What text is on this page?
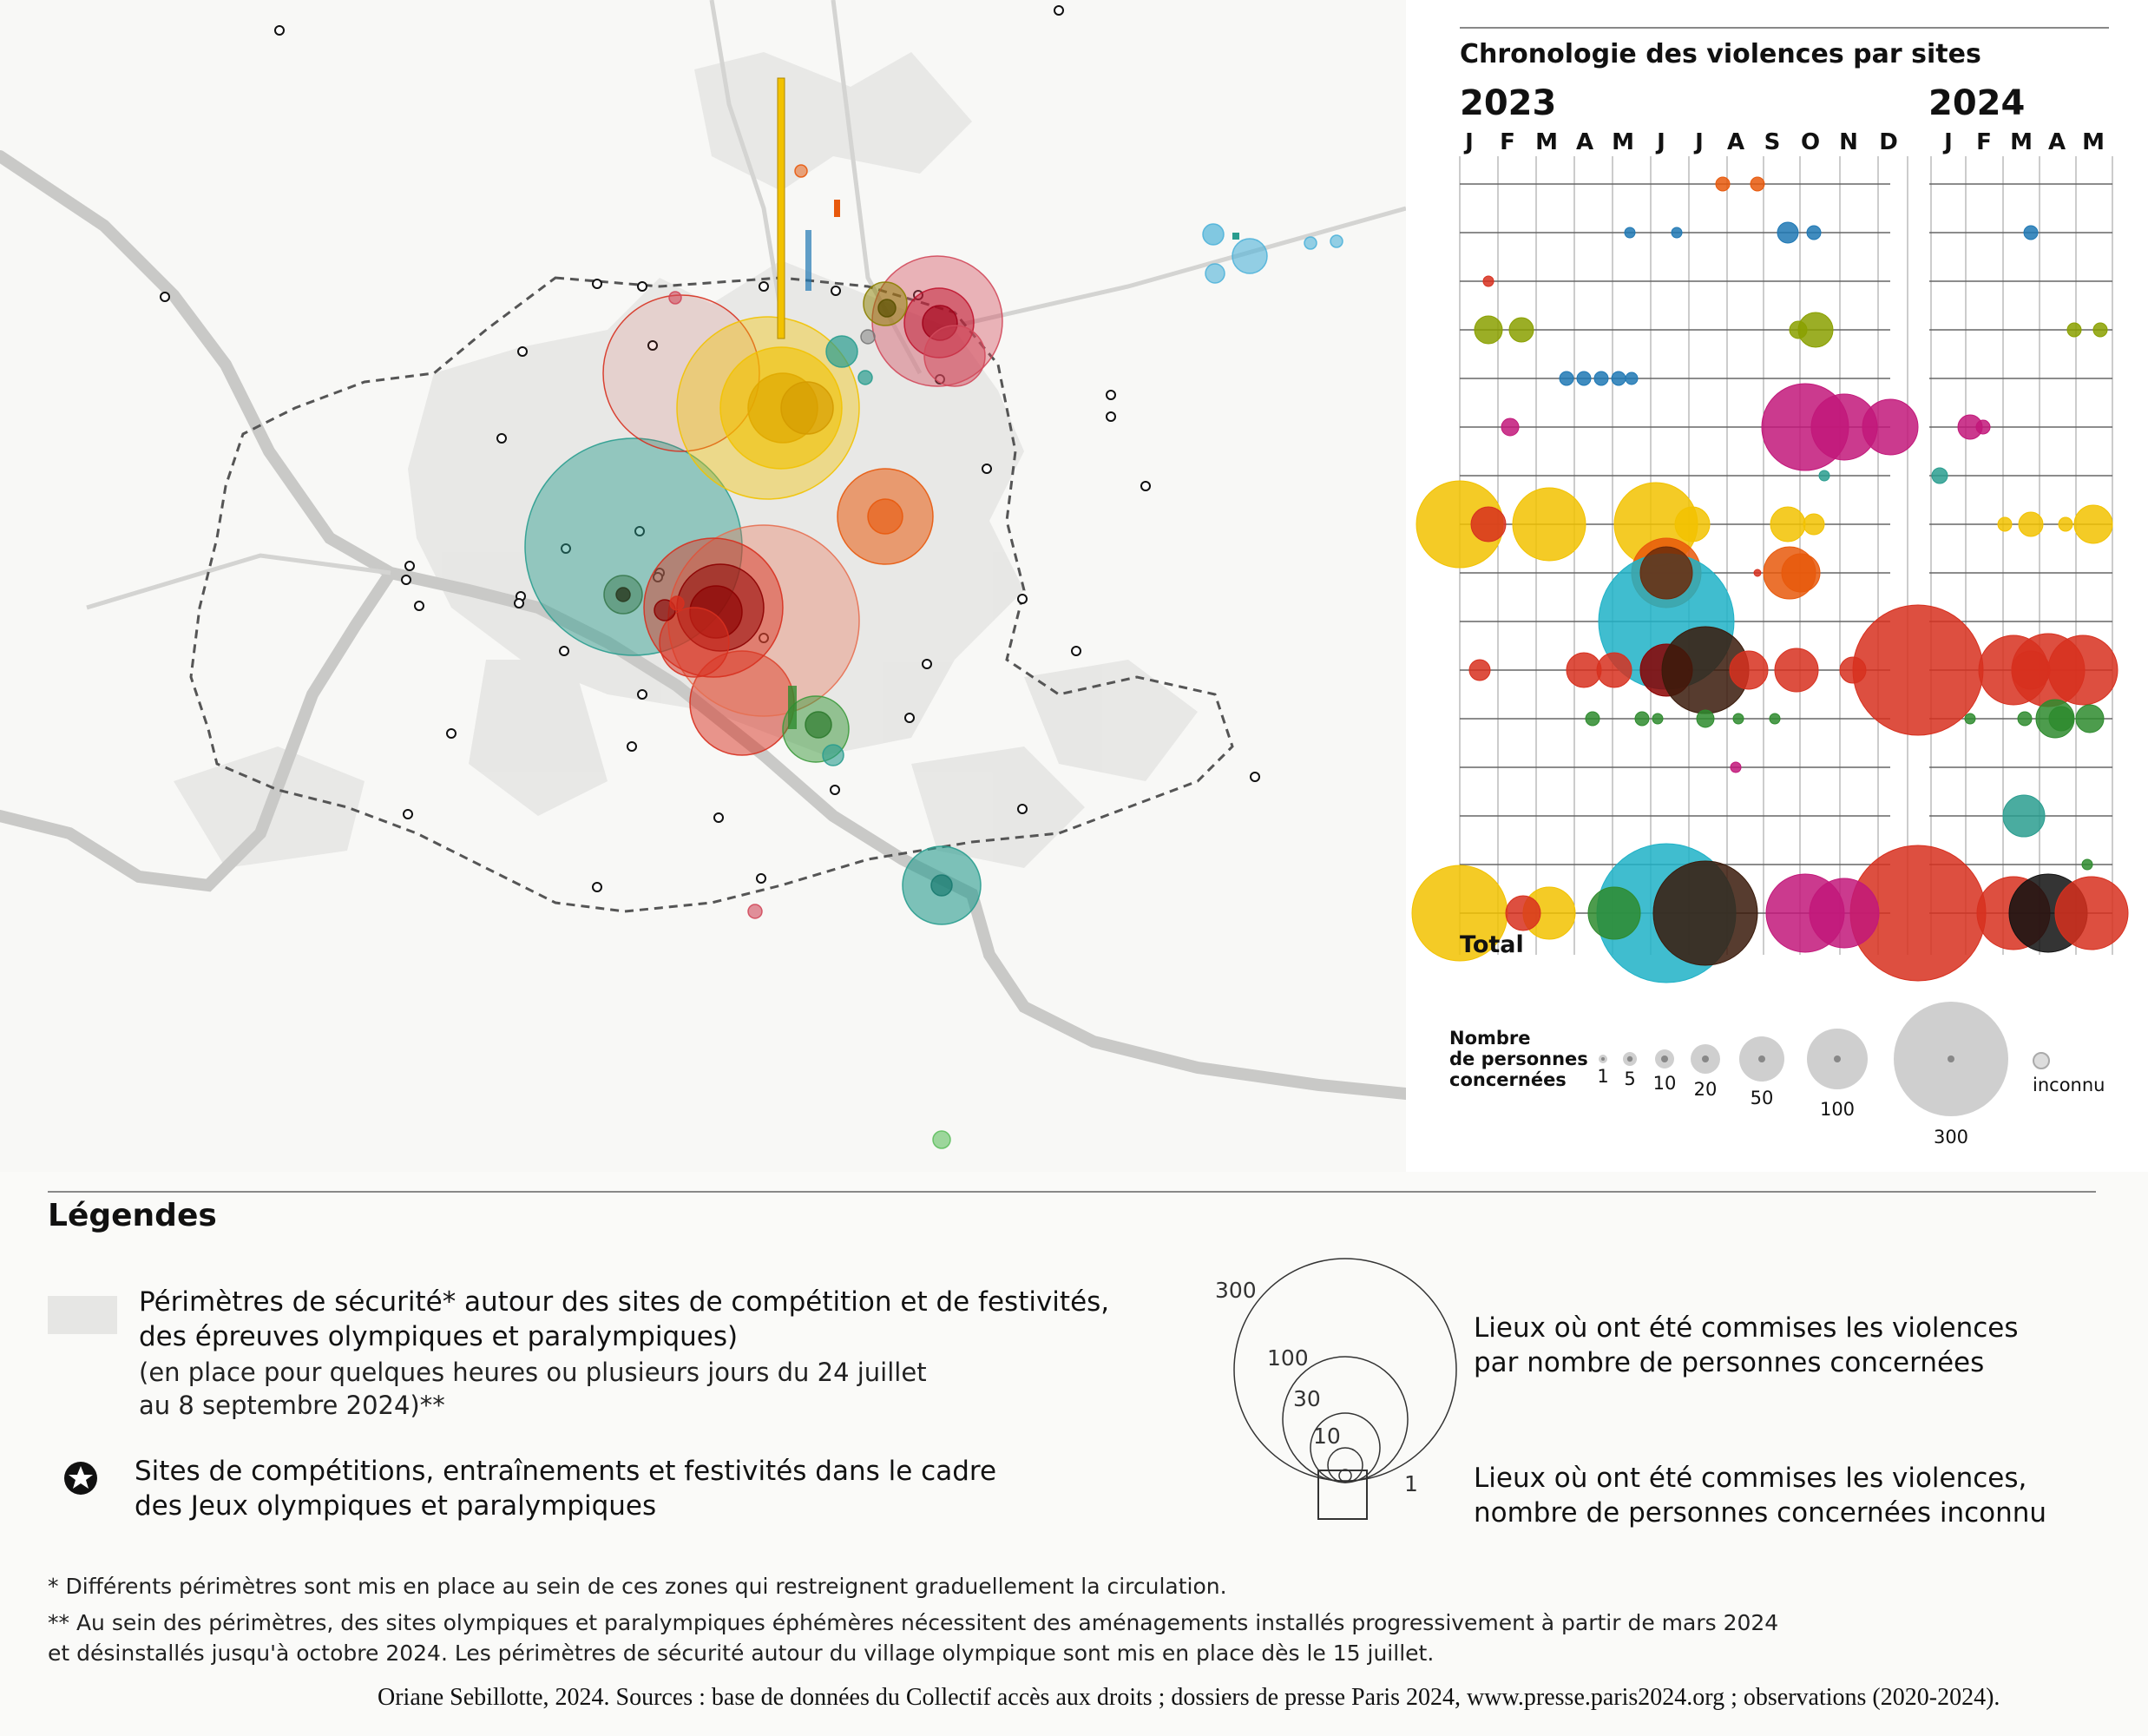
Chronologie des violences par sites
2023	2024
J F M A M J J A S O N D J F M A M
Total
Nombre
de personnes
concernées 1 5 10 20 50
100
300
inconnu
Légendes
Périmètres de sécurité* autour des sites de compétition et de festivités,
des épreuves olympiques et paralympiques)
(en place pour quelques heures ou plusieurs jours du 24 juillet
au 8 septembre 2024)**
Sites de compétitions, entraînements et festivités dans le cadre
des Jeux olympiques et paralympiques
300
100
30
10
1
Lieux où ont été commises les violences
par nombre de personnes concernées
Lieux où ont été commises les violences,
nombre de personnes concernées inconnu
* Différents périmètres sont mis en place au sein de ces zones qui restreignent graduellement la circulation.
** Au sein des périmètres, des sites olympiques et paralympiques éphémères nécessitent des aménagements installés progressivement à partir de mars 2024
et désinstallés jusqu'à octobre 2024. Les périmètres de sécurité autour du village olympique sont mis en place dès le 15 juillet.
Oriane Sebillotte, 2024. Sources : base de données du Collectif accès aux droits ; dossiers de presse Paris 2024, www.presse.paris2024.org ; observations (2020-2024).
